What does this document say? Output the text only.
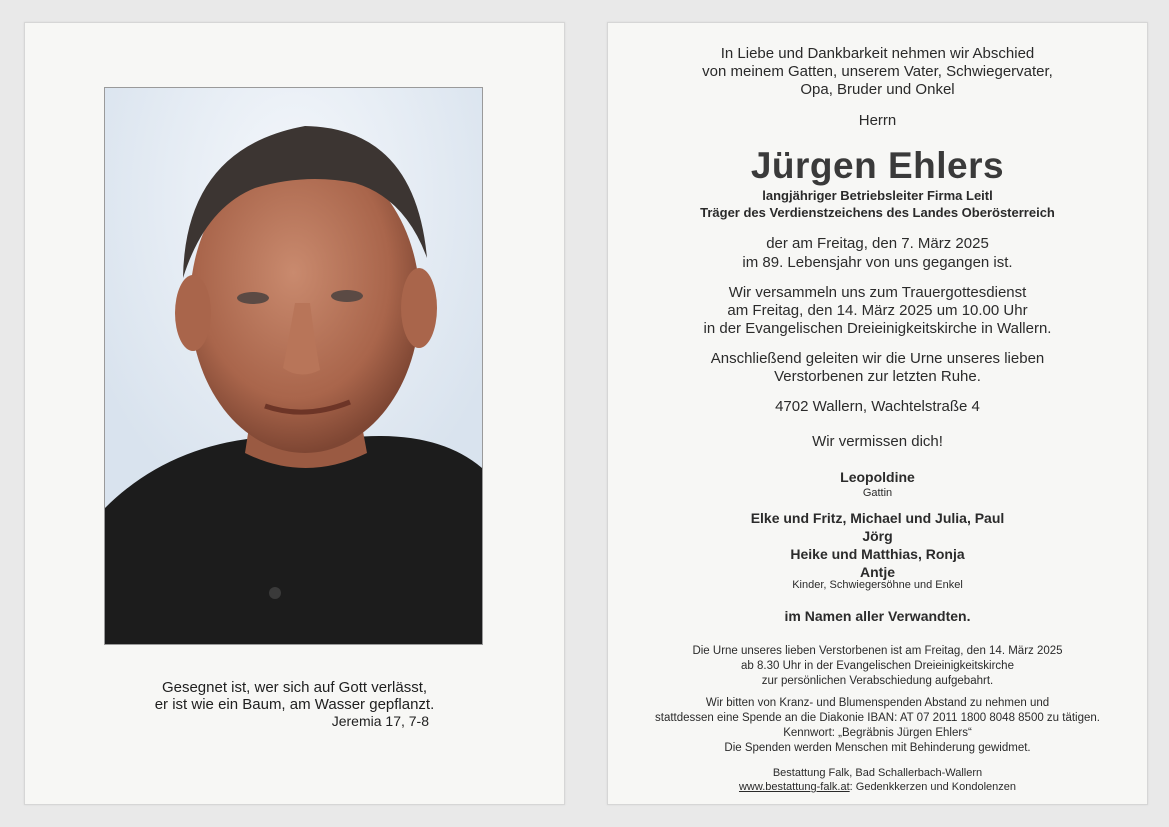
Gesegnet ist, wer sich auf Gott verlässt,
er ist wie ein Baum, am Wasser gepflanzt.
Jeremia 17, 7-8
In Liebe und Dankbarkeit nehmen wir Abschied
von meinem Gatten, unserem Vater, Schwiegervater,
Opa, Bruder und Onkel
Herrn
Jürgen Ehlers
langjähriger Betriebsleiter Firma Leitl
Träger des Verdienstzeichens des Landes Oberösterreich
der am Freitag, den 7. März 2025
im 89. Lebensjahr von uns gegangen ist.
Wir versammeln uns zum Trauergottesdienst
am Freitag, den 14. März 2025 um 10.00 Uhr
in der Evangelischen Dreieinigkeitskirche in Wallern.
Anschließend geleiten wir die Urne unseres lieben
Verstorbenen zur letzten Ruhe.
4702 Wallern, Wachtelstraße 4
Wir vermissen dich!
Leopoldine
Gattin
Elke und Fritz, Michael und Julia, Paul
Jörg
Heike und Matthias, Ronja
Antje
Kinder, Schwiegersöhne und Enkel
im Namen aller Verwandten.
Die Urne unseres lieben Verstorbenen ist am Freitag, den 14. März 2025
ab 8.30 Uhr in der Evangelischen Dreieinigkeitskirche
zur persönlichen Verabschiedung aufgebahrt.
Wir bitten von Kranz- und Blumenspenden Abstand zu nehmen und
stattdessen eine Spende an die Diakonie IBAN: AT 07 2011 1800 8048 8500 zu tätigen.
Kennwort: „Begräbnis Jürgen Ehlers“
Die Spenden werden Menschen mit Behinderung gewidmet.
Bestattung Falk, Bad Schallerbach-Wallern
www.bestattung-falk.at: Gedenkkerzen und Kondolenzen
